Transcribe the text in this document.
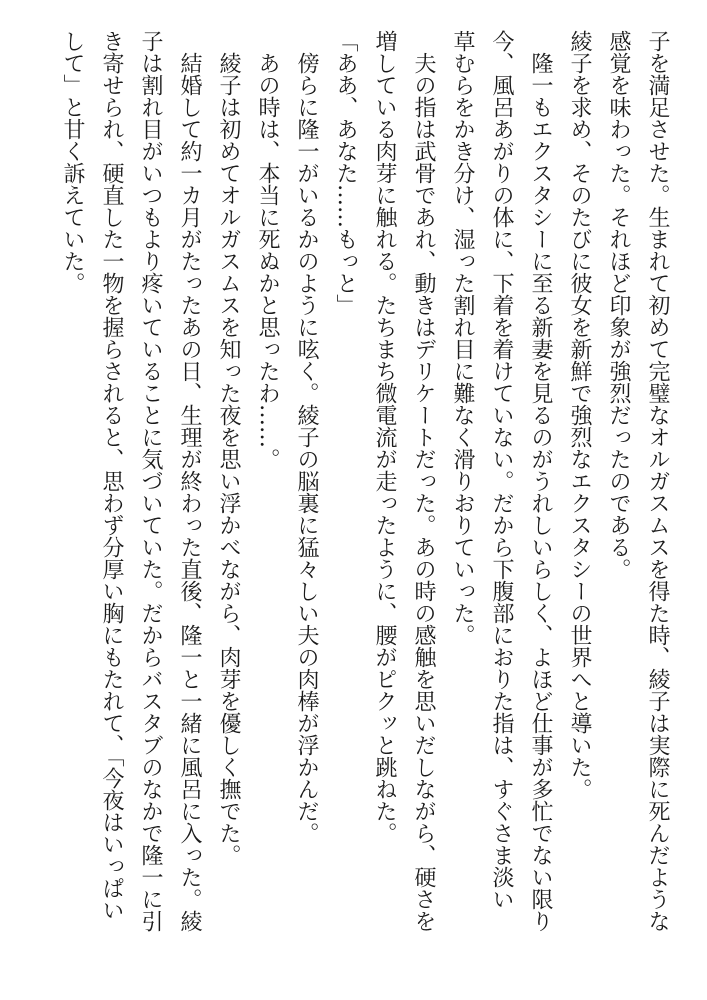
子を満足させた。生まれて初めて完璧なオルガスムスを得た時、綾子は実際に死んだような
感覚を味わった。それほど印象が強烈だったのである。
綾子を求め、そのたびに彼女を新鮮で強烈なエクスタシーの世界へと導いた。
隆一もエクスタシーに至る新妻を見るのがうれしいらしく、よほど仕事が多忙でない限り
今、風呂あがりの体に、下着を着けていない。だから下腹部におりた指は、すぐさま淡い
草むらをかき分け、湿った割れ目に難なく滑りおりていった。
夫の指は武骨であれ、動きはデリケートだった。あの時の感触を思いだしながら、硬さを
増している肉芽に触れる。たちまち微電流が走ったように、腰がピクッと跳ねた。
「ああ、あなた……もっと」
傍らに隆一がいるかのように呟く。綾子の脳裏に猛々しい夫の肉棒が浮かんだ。
あの時は、本当に死ぬかと思ったわ……。
綾子は初めてオルガスムスを知った夜を思い浮かべながら、肉芽を優しく撫でた。
結婚して約一カ月がたったあの日、生理が終わった直後、隆一と一緒に風呂に入った。綾
子は割れ目がいつもより疼いていることに気づいていた。だからバスタブのなかで隆一に引
き寄せられ、硬直した一物を握らされると、思わず分厚い胸にもたれて、「今夜はいっぱい
して」と甘く訴えていた。
